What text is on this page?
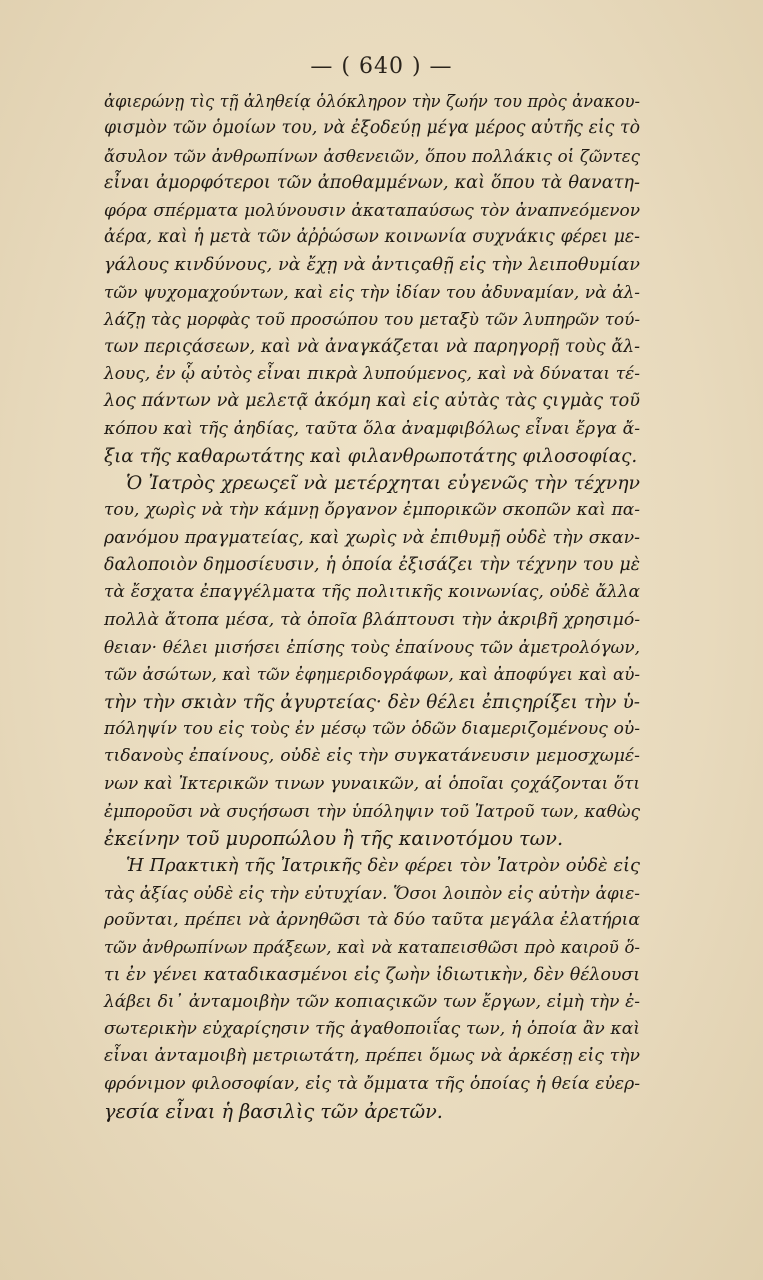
— ( 640 ) —
ἀφιερώνῃ τὶς τῇ ἀληθείᾳ ὁλόκληρον τὴν ζωήν του πρὸς ἀνακου-
φισμὸν τῶν ὁμοίων του, νὰ ἐξοδεύῃ μέγα μέρος αὐτῆς εἰς τὸ
ἄσυλον τῶν ἀνθρωπίνων ἀσθενειῶν, ὅπου πολλάκις οἱ ζῶντες
εἶναι ἀμορφότεροι τῶν ἀποθαμμένων, καὶ ὅπου τὰ θανατη-
φόρα σπέρματα μολύνουσιν ἀκαταπαύσως τὸν ἀναπνεόμενον
ἀέρα, καὶ ἡ μετὰ τῶν ἀῤῥώσων κοινωνία συχνάκις φέρει με-
γάλους κινδύνους, νὰ ἔχῃ νὰ ἀντιςαθῇ εἰς τὴν λειποθυμίαν
τῶν ψυχομαχούντων, καὶ εἰς τὴν ἰδίαν του ἀδυναμίαν, νὰ ἀλ-
λάζῃ τὰς μορφὰς τοῦ προσώπου του μεταξὺ τῶν λυπηρῶν τού-
των περιςάσεων, καὶ νὰ ἀναγκάζεται νὰ παρηγορῇ τοὺς ἄλ-
λους, ἐν ᾧ αὐτὸς εἶναι πικρὰ λυπούμενος, καὶ νὰ δύναται τέ-
λος πάντων νὰ μελετᾷ ἀκόμη καὶ εἰς αὐτὰς τὰς ςιγμὰς τοῦ
κόπου καὶ τῆς ἀηδίας, ταῦτα ὅλα ἀναμφιβόλως εἶναι ἔργα ἄ-
ξια τῆς καθαρωτάτης καὶ φιλανθρωποτάτης φιλοσοφίας.
Ὁ Ἰατρὸς χρεωςεῖ νὰ μετέρχηται εὐγενῶς τὴν τέχνην
του, χωρὶς νὰ τὴν κάμνῃ ὄργανον ἐμπορικῶν σκοπῶν καὶ πα-
ρανόμου πραγματείας, καὶ χωρὶς νὰ ἐπιθυμῇ οὐδὲ τὴν σκαν-
δαλοποιὸν δημοσίευσιν, ἡ ὁποία ἐξισάζει τὴν τέχνην του μὲ
τὰ ἔσχατα ἐπαγγέλματα τῆς πολιτικῆς κοινωνίας, οὐδὲ ἄλλα
πολλὰ ἄτοπα μέσα, τὰ ὁποῖα βλάπτουσι τὴν ἀκριβῆ χρησιμό-
θειαν· θέλει μισήσει ἐπίσης τοὺς ἐπαίνους τῶν ἀμετρολόγων,
τῶν ἀσώτων, καὶ τῶν ἐφημεριδογράφων, καὶ ἀποφύγει καὶ αὐ-
τὴν τὴν σκιὰν τῆς ἀγυρτείας· δὲν θέλει ἐπιςηρίξει τὴν ὑ-
πόληψίν του εἰς τοὺς ἐν μέσῳ τῶν ὁδῶν διαμεριζομένους οὐ-
τιδανοὺς ἐπαίνους, οὐδὲ εἰς τὴν συγκατάνευσιν μεμοσχωμέ-
νων καὶ Ἰκτερικῶν τινων γυναικῶν, αἱ ὁποῖαι ςοχάζονται ὅτι
ἐμποροῦσι νὰ συςήσωσι τὴν ὑπόληψιν τοῦ Ἰατροῦ των, καθὼς
ἐκείνην τοῦ μυροπώλου ἢ τῆς καινοτόμου των.
Ἡ Πρακτικὴ τῆς Ἰατρικῆς δὲν φέρει τὸν Ἰατρὸν οὐδὲ εἰς
τὰς ἀξίας οὐδὲ εἰς τὴν εὐτυχίαν. Ὅσοι λοιπὸν εἰς αὐτὴν ἀφιε-
ροῦνται, πρέπει νὰ ἀρνηθῶσι τὰ δύο ταῦτα μεγάλα ἐλατήρια
τῶν ἀνθρωπίνων πράξεων, καὶ νὰ καταπεισθῶσι πρὸ καιροῦ ὅ-
τι ἐν γένει καταδικασμένοι εἰς ζωὴν ἰδιωτικὴν, δὲν θέλουσι
λάβει δι᾽ ἀνταμοιβὴν τῶν κοπιαςικῶν των ἔργων, εἰμὴ τὴν ἐ-
σωτερικὴν εὐχαρίςησιν τῆς ἀγαθοποιΐας των, ἡ ὁποία ἂν καὶ
εἶναι ἀνταμοιβὴ μετριωτάτη, πρέπει ὅμως νὰ ἀρκέσῃ εἰς τὴν
φρόνιμον φιλοσοφίαν, εἰς τὰ ὄμματα τῆς ὁποίας ἡ θεία εὐερ-
γεσία εἶναι ἡ βασιλὶς τῶν ἀρετῶν.
